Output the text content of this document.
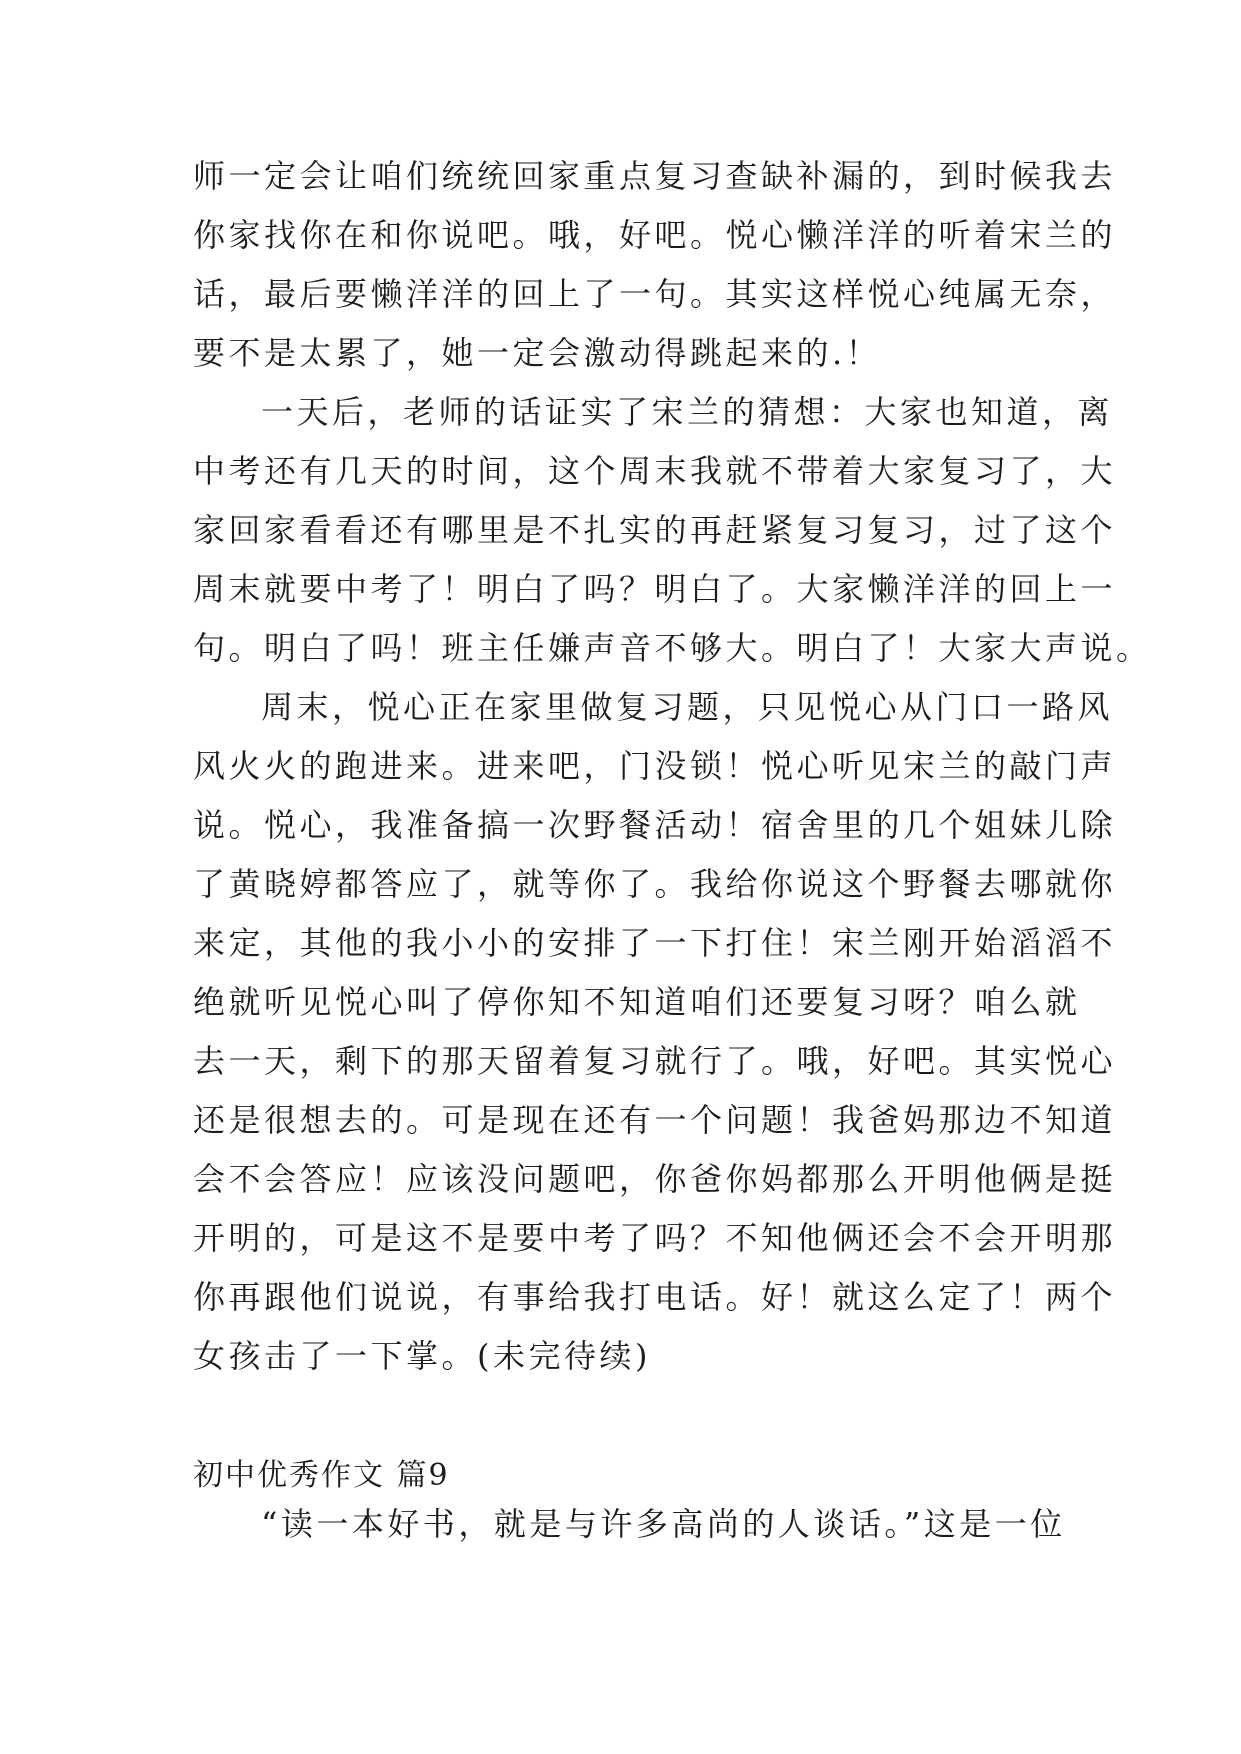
师一定会让咱们统统回家重点复习查缺补漏的，到时候我去
你家找你在和你说吧。哦，好吧。悦心懒洋洋的听着宋兰的
话，最后要懒洋洋的回上了一句。其实这样悦心纯属无奈，
要不是太累了，她一定会激动得跳起来的.！
一天后，老师的话证实了宋兰的猜想：大家也知道，离
中考还有几天的时间，这个周末我就不带着大家复习了，大
家回家看看还有哪里是不扎实的再赶紧复习复习，过了这个
周末就要中考了！明白了吗？明白了。大家懒洋洋的回上一
句。明白了吗！班主任嫌声音不够大。明白了！大家大声说。
周末，悦心正在家里做复习题，只见悦心从门口一路风
风火火的跑进来。进来吧，门没锁！悦心听见宋兰的敲门声
说。悦心，我准备搞一次野餐活动！宿舍里的几个姐妹儿除
了黄晓婷都答应了，就等你了。我给你说这个野餐去哪就你
来定，其他的我小小的安排了一下打住！宋兰刚开始滔滔不
绝就听见悦心叫了停你知不知道咱们还要复习呀？咱么就
去一天，剩下的那天留着复习就行了。哦，好吧。其实悦心
还是很想去的。可是现在还有一个问题！我爸妈那边不知道
会不会答应！应该没问题吧，你爸你妈都那么开明他俩是挺
开明的，可是这不是要中考了吗？不知他俩还会不会开明那
你再跟他们说说，有事给我打电话。好！就这么定了！两个
女孩击了一下掌。(未完待续)
初中优秀作文 篇9
“读一本好书，就是与许多高尚的人谈话。”这是一位
